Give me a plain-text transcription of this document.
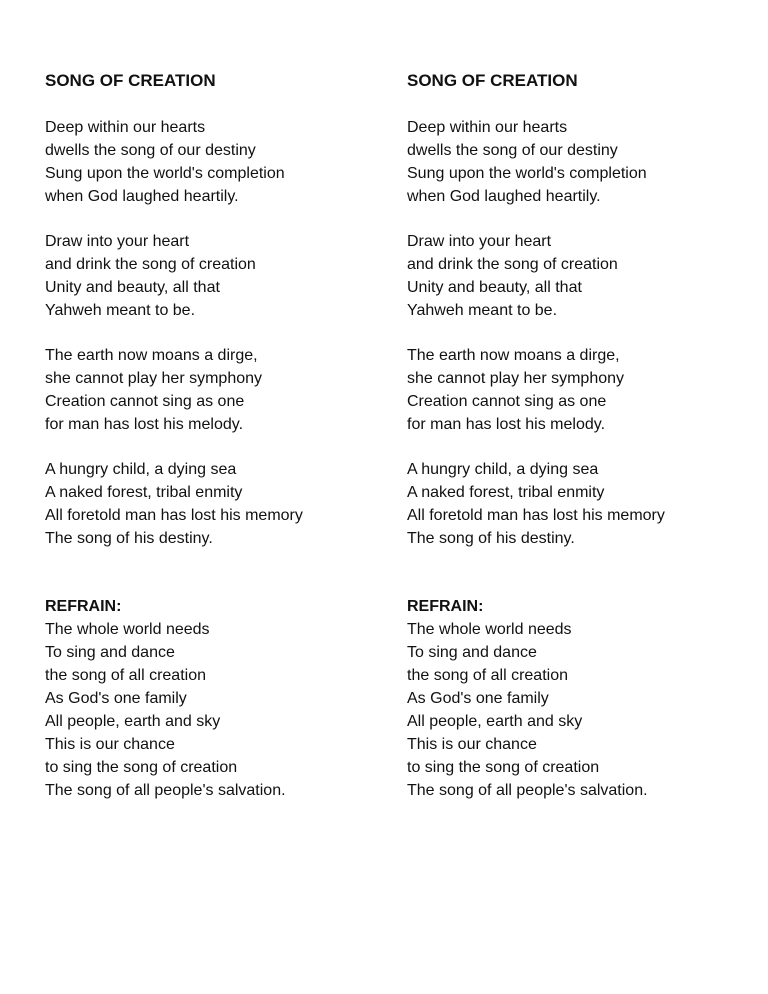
SONG OF CREATION
Deep within our hearts
dwells the song of our destiny
Sung upon the world's completion
when God laughed heartily.
Draw into your heart
and drink the song of creation
Unity and beauty, all that
Yahweh meant to be.
The earth now moans a dirge,
she cannot play her symphony
Creation cannot sing as one
for man has lost his melody.
A hungry child, a dying sea
A naked forest, tribal enmity
All foretold man has lost his memory
The song of his destiny.
REFRAIN:
The whole world needs
To sing and dance
the song of all creation
As God's one family
All people, earth and sky
This is our chance
to sing the song of creation
The song of all people's salvation.
SONG OF CREATION
Deep within our hearts
dwells the song of our destiny
Sung upon the world's completion
when God laughed heartily.
Draw into your heart
and drink the song of creation
Unity and beauty, all that
Yahweh meant to be.
The earth now moans a dirge,
she cannot play her symphony
Creation cannot sing as one
for man has lost his melody.
A hungry child, a dying sea
A naked forest, tribal enmity
All foretold man has lost his memory
The song of his destiny.
REFRAIN:
The whole world needs
To sing and dance
the song of all creation
As God's one family
All people, earth and sky
This is our chance
to sing the song of creation
The song of all people's salvation.
